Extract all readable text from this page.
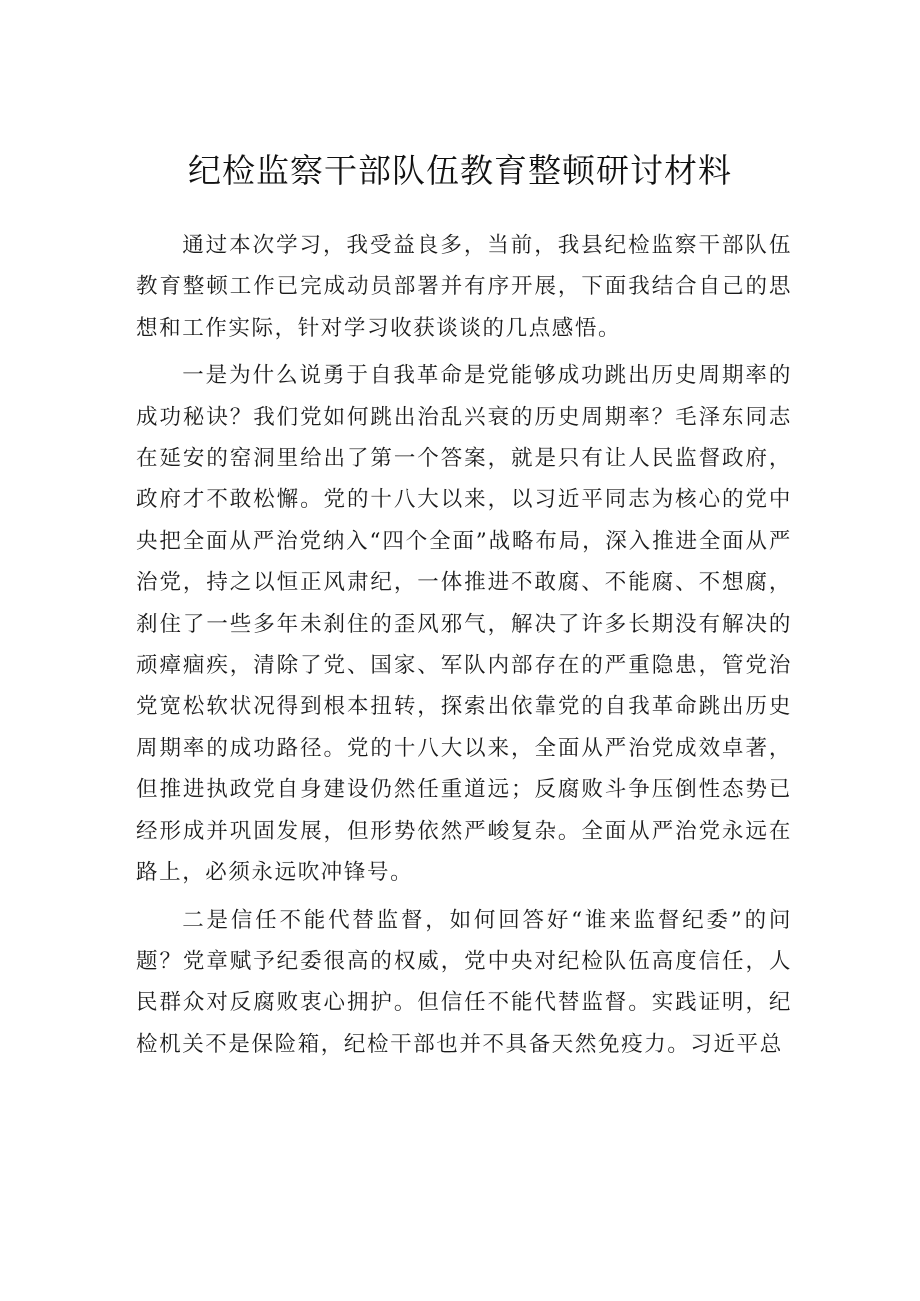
纪检监察干部队伍教育整顿研讨材料

通过本次学习，我受益良多，当前，我县纪检监察干部队伍教育整顿工作已完成动员部署并有序开展，下面我结合自己的思想和工作实际，针对学习收获谈谈的几点感悟。

一是为什么说勇于自我革命是党能够成功跳出历史周期率的成功秘诀？我们党如何跳出治乱兴衰的历史周期率？毛泽东同志在延安的窑洞里给出了第一个答案，就是只有让人民监督政府，政府才不敢松懈。党的十八大以来，以习近平同志为核心的党中央把全面从严治党纳入“四个全面”战略布局，深入推进全面从严治党，持之以恒正风肃纪，一体推进不敢腐、不能腐、不想腐，刹住了一些多年未刹住的歪风邪气，解决了许多长期没有解决的顽瘴痼疾，清除了党、国家、军队内部存在的严重隐患，管党治党宽松软状况得到根本扭转，探索出依靠党的自我革命跳出历史周期率的成功路径。党的十八大以来，全面从严治党成效卓著，但推进执政党自身建设仍然任重道远；反腐败斗争压倒性态势已经形成并巩固发展，但形势依然严峻复杂。全面从严治党永远在路上，必须永远吹冲锋号。

二是信任不能代替监督，如何回答好“谁来监督纪委”的问题？党章赋予纪委很高的权威，党中央对纪检队伍高度信任，人民群众对反腐败衷心拥护。但信任不能代替监督。实践证明，纪检机关不是保险箱，纪检干部也并不具备天然免疫力。习近平总
